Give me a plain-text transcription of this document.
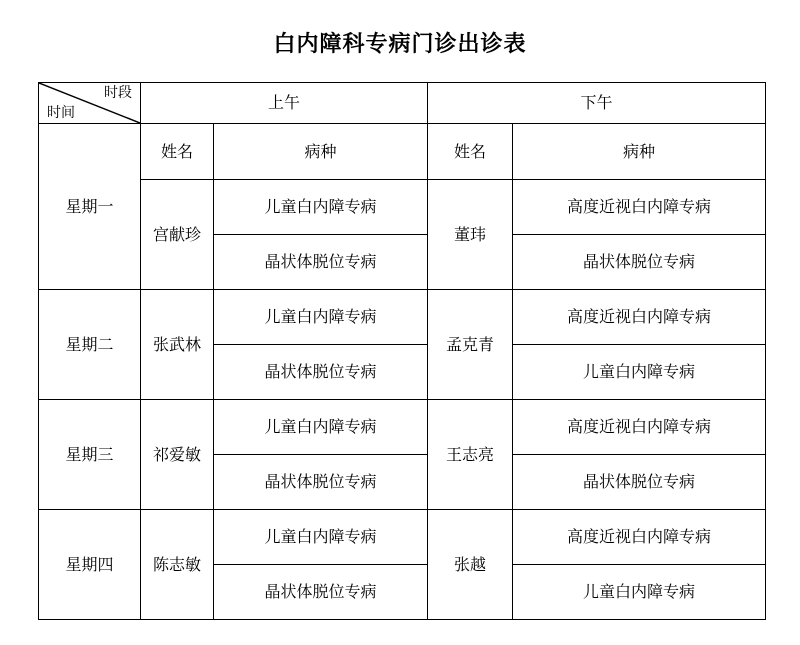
白内障科专病门诊出诊表
时段
时间	上午		下午	
星期一	姓名	病种	姓名	病种
	宫献珍	儿童白内障专病	董玮	高度近视白内障专病
		晶状体脱位专病		晶状体脱位专病
星期二	张武林	儿童白内障专病	孟克青	高度近视白内障专病
		晶状体脱位专病		儿童白内障专病
星期三	祁爱敏	儿童白内障专病	王志亮	高度近视白内障专病
		晶状体脱位专病		晶状体脱位专病
星期四	陈志敏	儿童白内障专病	张越	高度近视白内障专病
		晶状体脱位专病		儿童白内障专病
